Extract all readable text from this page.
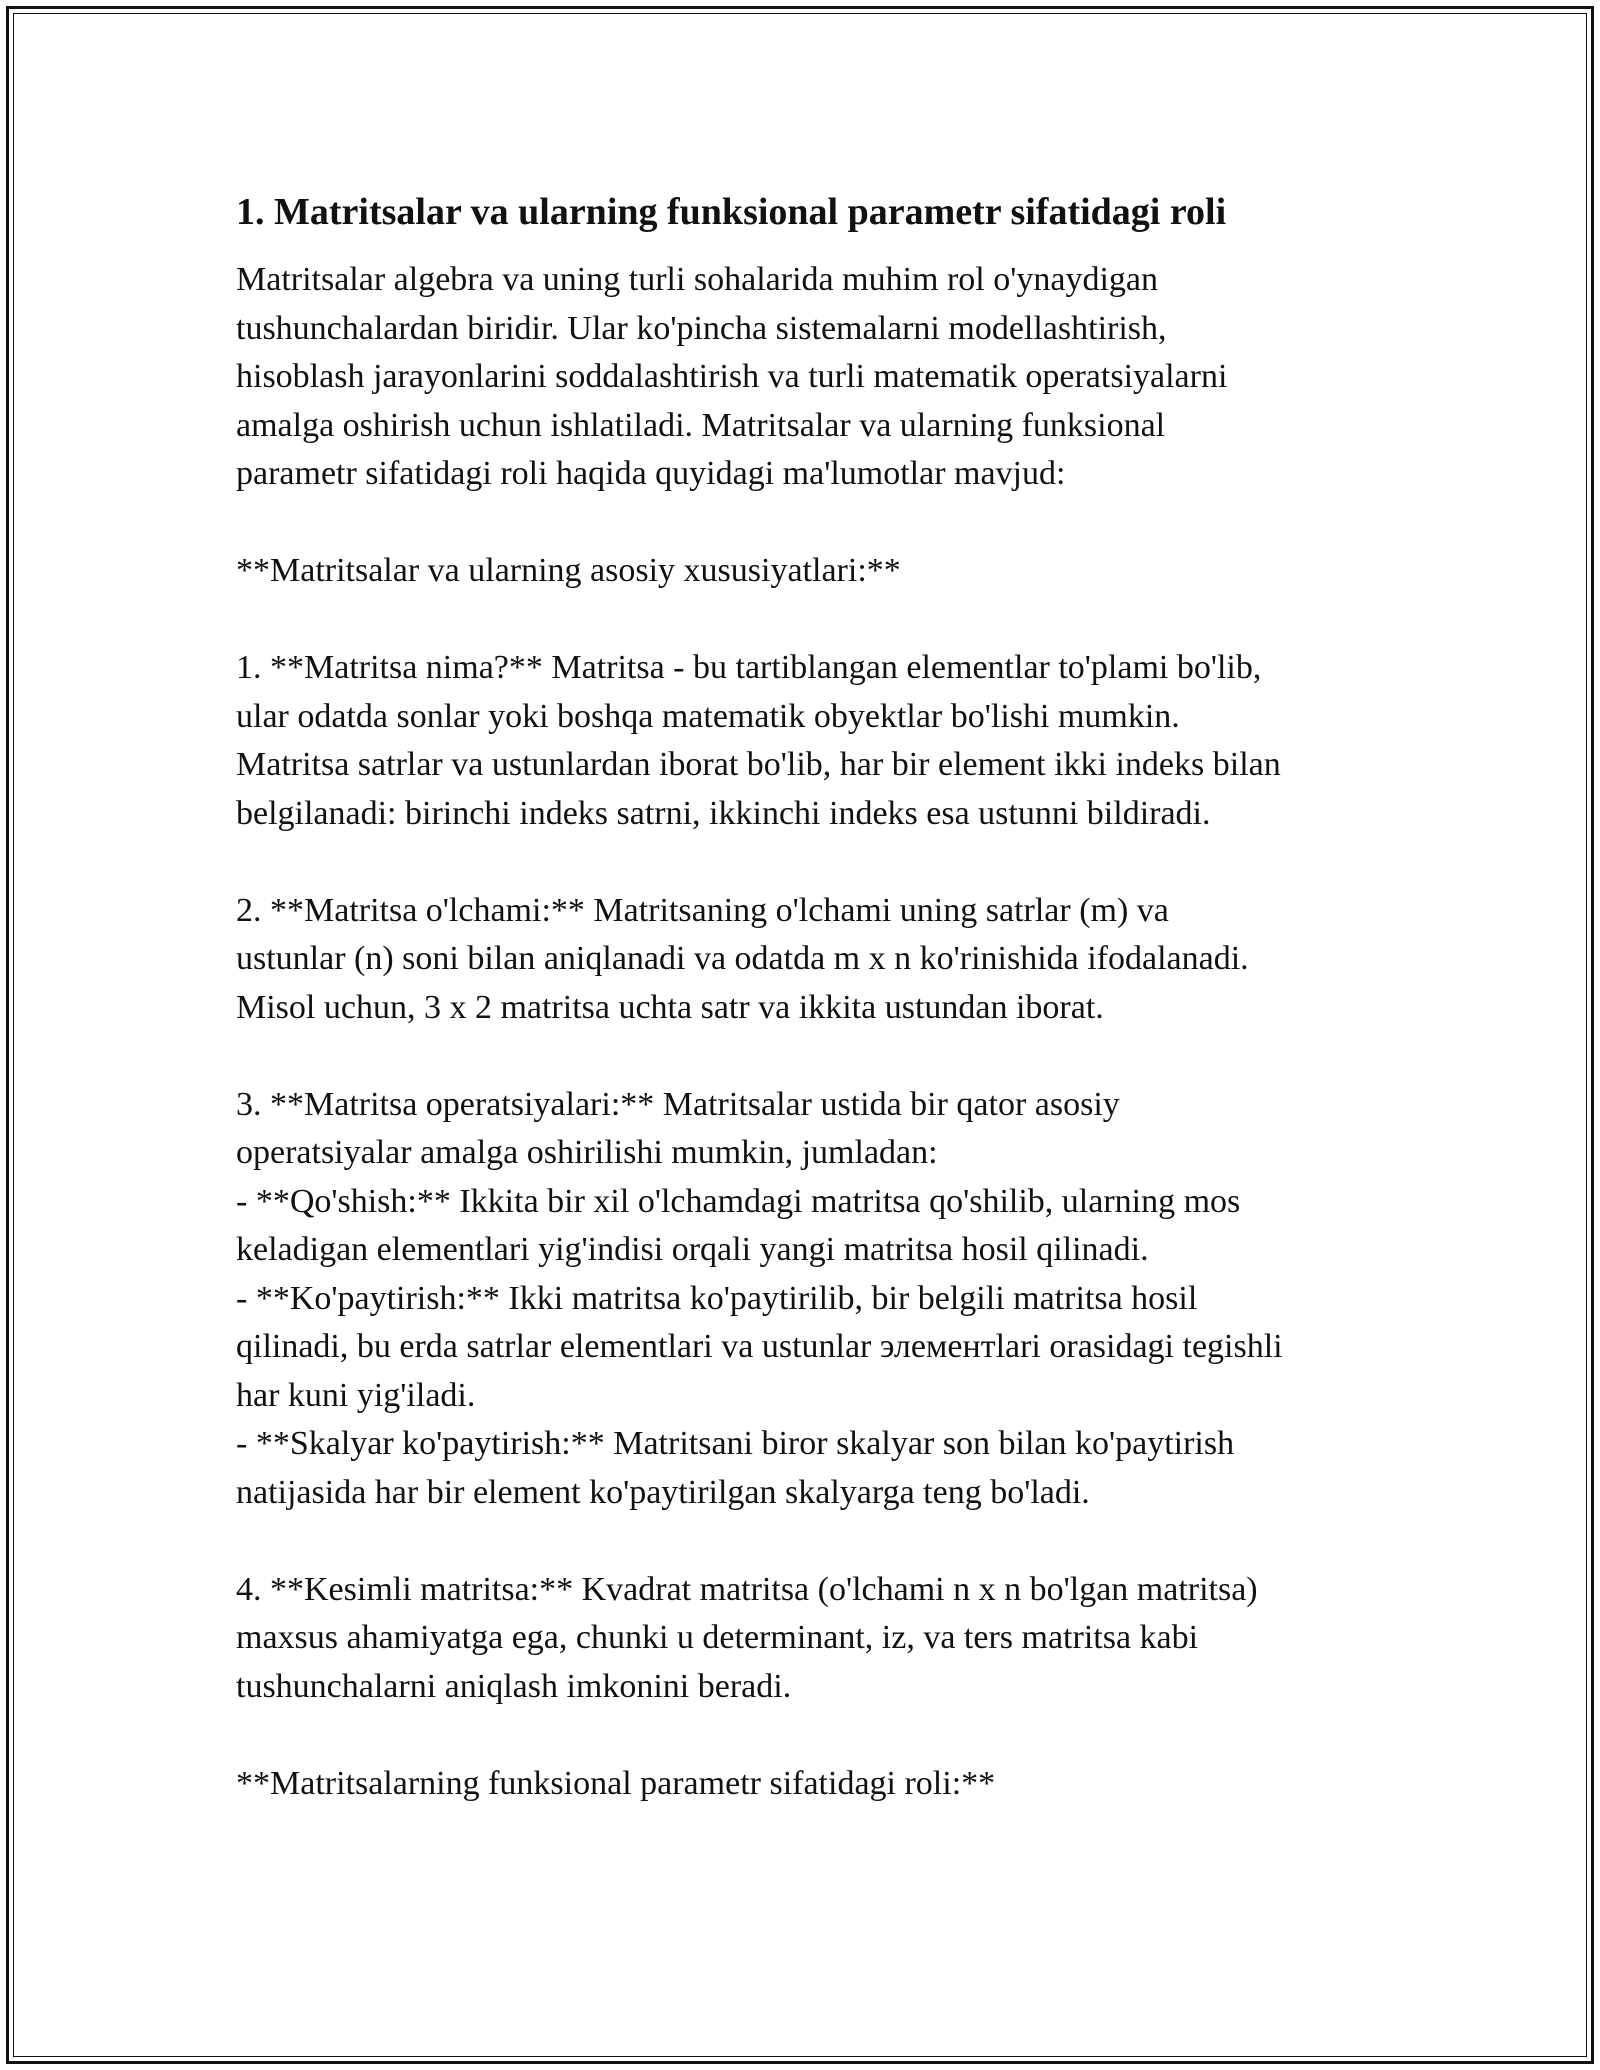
1. Matritsalar va ularning funksional parametr sifatidagi roli

Matritsalar algebra va uning turli sohalarida muhim rol o'ynaydigan
tushunchalardan biridir. Ular ko'pincha sistemalarni modellashtirish,
hisoblash jarayonlarini soddalashtirish va turli matematik operatsiyalarni
amalga oshirish uchun ishlatiladi. Matritsalar va ularning funksional
parametr sifatidagi roli haqida quyidagi ma'lumotlar mavjud:

**Matritsalar va ularning asosiy xususiyatlari:**

1. **Matritsa nima?** Matritsa - bu tartiblangan elementlar to'plami bo'lib,
ular odatda sonlar yoki boshqa matematik obyektlar bo'lishi mumkin.
Matritsa satrlar va ustunlardan iborat bo'lib, har bir element ikki indeks bilan
belgilanadi: birinchi indeks satrni, ikkinchi indeks esa ustunni bildiradi.

2. **Matritsa o'lchami:** Matritsaning o'lchami uning satrlar (m) va
ustunlar (n) soni bilan aniqlanadi va odatda m x n ko'rinishida ifodalanadi.
Misol uchun, 3 x 2 matritsa uchta satr va ikkita ustundan iborat.

3. **Matritsa operatsiyalari:** Matritsalar ustida bir qator asosiy
operatsiyalar amalga oshirilishi mumkin, jumladan:
- **Qo'shish:** Ikkita bir xil o'lchamdagi matritsa qo'shilib, ularning mos
keladigan elementlari yig'indisi orqali yangi matritsa hosil qilinadi.
- **Ko'paytirish:** Ikki matritsa ko'paytirilib, bir belgili matritsa hosil
qilinadi, bu erda satrlar elementlari va ustunlar элементlari orasidagi tegishli
har kuni yig'iladi.
- **Skalyar ko'paytirish:** Matritsani biror skalyar son bilan ko'paytirish
natijasida har bir element ko'paytirilgan skalyarga teng bo'ladi.

4. **Kesimli matritsa:** Kvadrat matritsa (o'lchami n x n bo'lgan matritsa)
maxsus ahamiyatga ega, chunki u determinant, iz, va ters matritsa kabi
tushunchalarni aniqlash imkonini beradi.

**Matritsalarning funksional parametr sifatidagi roli:**
